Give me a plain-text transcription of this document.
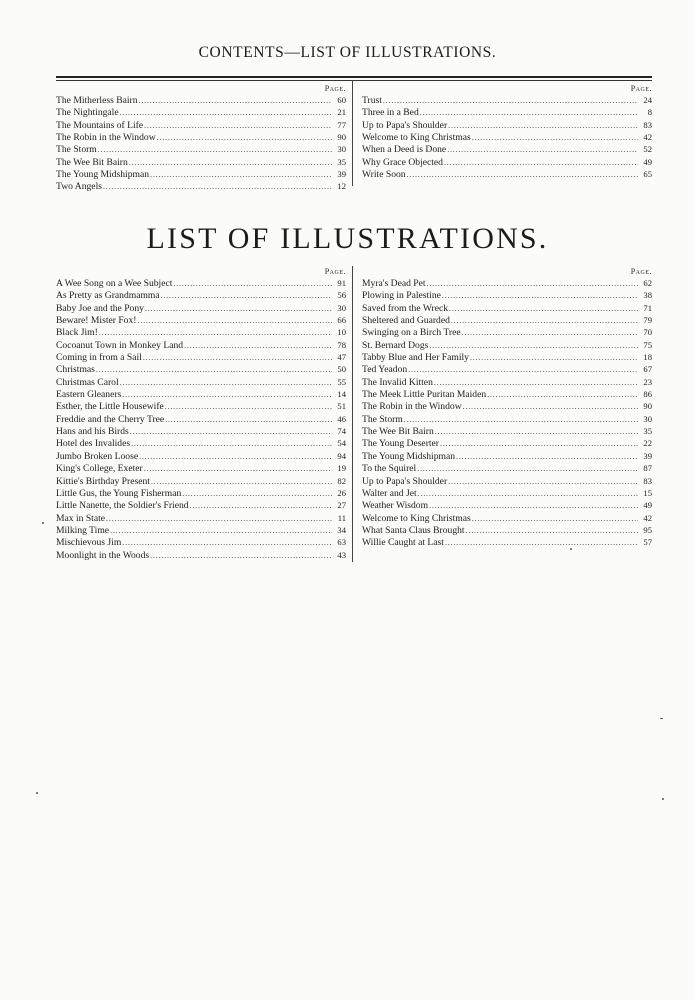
CONTENTS—LIST OF ILLUSTRATIONS.
Page.
The Mitherless Bairn .....	60
The Nightingale .....	21
The Mountains of Life .....	77
The Robin in the Window .....	90
The Storm .....	30
The Wee Bit Bairn .....	35
The Young Midshipman .....	39
Two Angels .....	12
Page.
Trust .....	24
Three in a Bed .....	8
Up to Papa's Shoulder .....	83
Welcome to King Christmas .....	42
When a Deed is Done .....	52
Why Grace Objected .....	49
Write Soon .....	65
LIST OF ILLUSTRATIONS.
Page.
A Wee Song on a Wee Subject .....	91
As Pretty as Grandmamma .....	56
Baby Joe and the Pony .....	30
Beware! Mister Fox! .....	66
Black Jim! .....	10
Cocoanut Town in Monkey Land .....	78
Coming in from a Sail .....	47
Christmas .....	50
Christmas Carol .....	55
Eastern Gleaners .....	14
Esther, the Little Housewife .....	51
Freddie and the Cherry Tree .....	46
Hans and his Birds .....	74
Hotel des Invalides .....	54
Jumbo Broken Loose .....	94
King's College, Exeter .....	19
Kittie's Birthday Present .....	82
Little Gus, the Young Fisherman .....	26
Little Nanette, the Soldier's Friend .....	27
Max in State .....	11
Milking Time .....	34
Mischievous Jim .....	63
Moonlight in the Woods .....	43
Page.
Myra's Dead Pet .....	62
Plowing in Palestine .....	38
Saved from the Wreck .....	71
Sheltered and Guarded .....	79
Swinging on a Birch Tree .....	70
St. Bernard Dogs .....	75
Tabby Blue and Her Family .....	18
Ted Yeadon .....	67
The Invalid Kitten .....	23
The Meek Little Puritan Maiden .....	86
The Robin in the Window .....	90
The Storm .....	30
The Wee Bit Bairn .....	35
The Young Deserter .....	22
The Young Midshipman .....	39
To the Squirel .....	87
Up to Papa's Shoulder .....	83
Walter and Jet .....	15
Weather Wisdom .....	49
Welcome to King Christmas .....	42
What Santa Claus Brought .....	95
Willie Caught at Last .....	57
